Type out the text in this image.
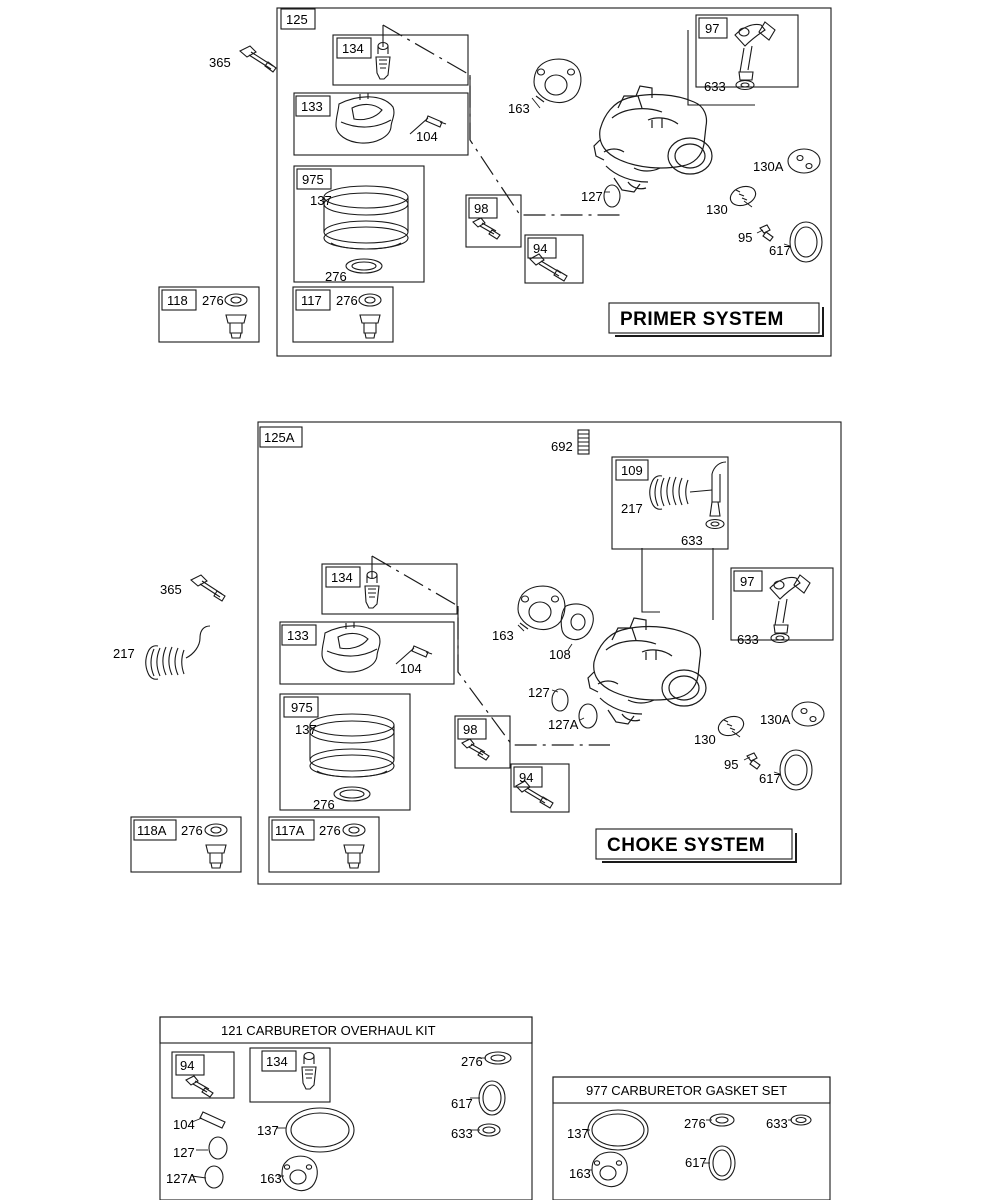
PRIMER SYSTEM
125
365
134
133
104
163
97
633
130A
130
95
617
127
975
137
98
94
276
118 276	117 276
CHOKE SYSTEM
125A
692
109
217
633
365
217
134
133
104
163
108
97
633
127
127A	130A
130
95
617
975
137	98
94
276
118A 276	117A 276
121 CARBURETOR OVERHAUL KIT
94	134	276
617
633
104	137
127
127A	163
977 CARBURETOR GASKET SET
137
276	633
163
617
